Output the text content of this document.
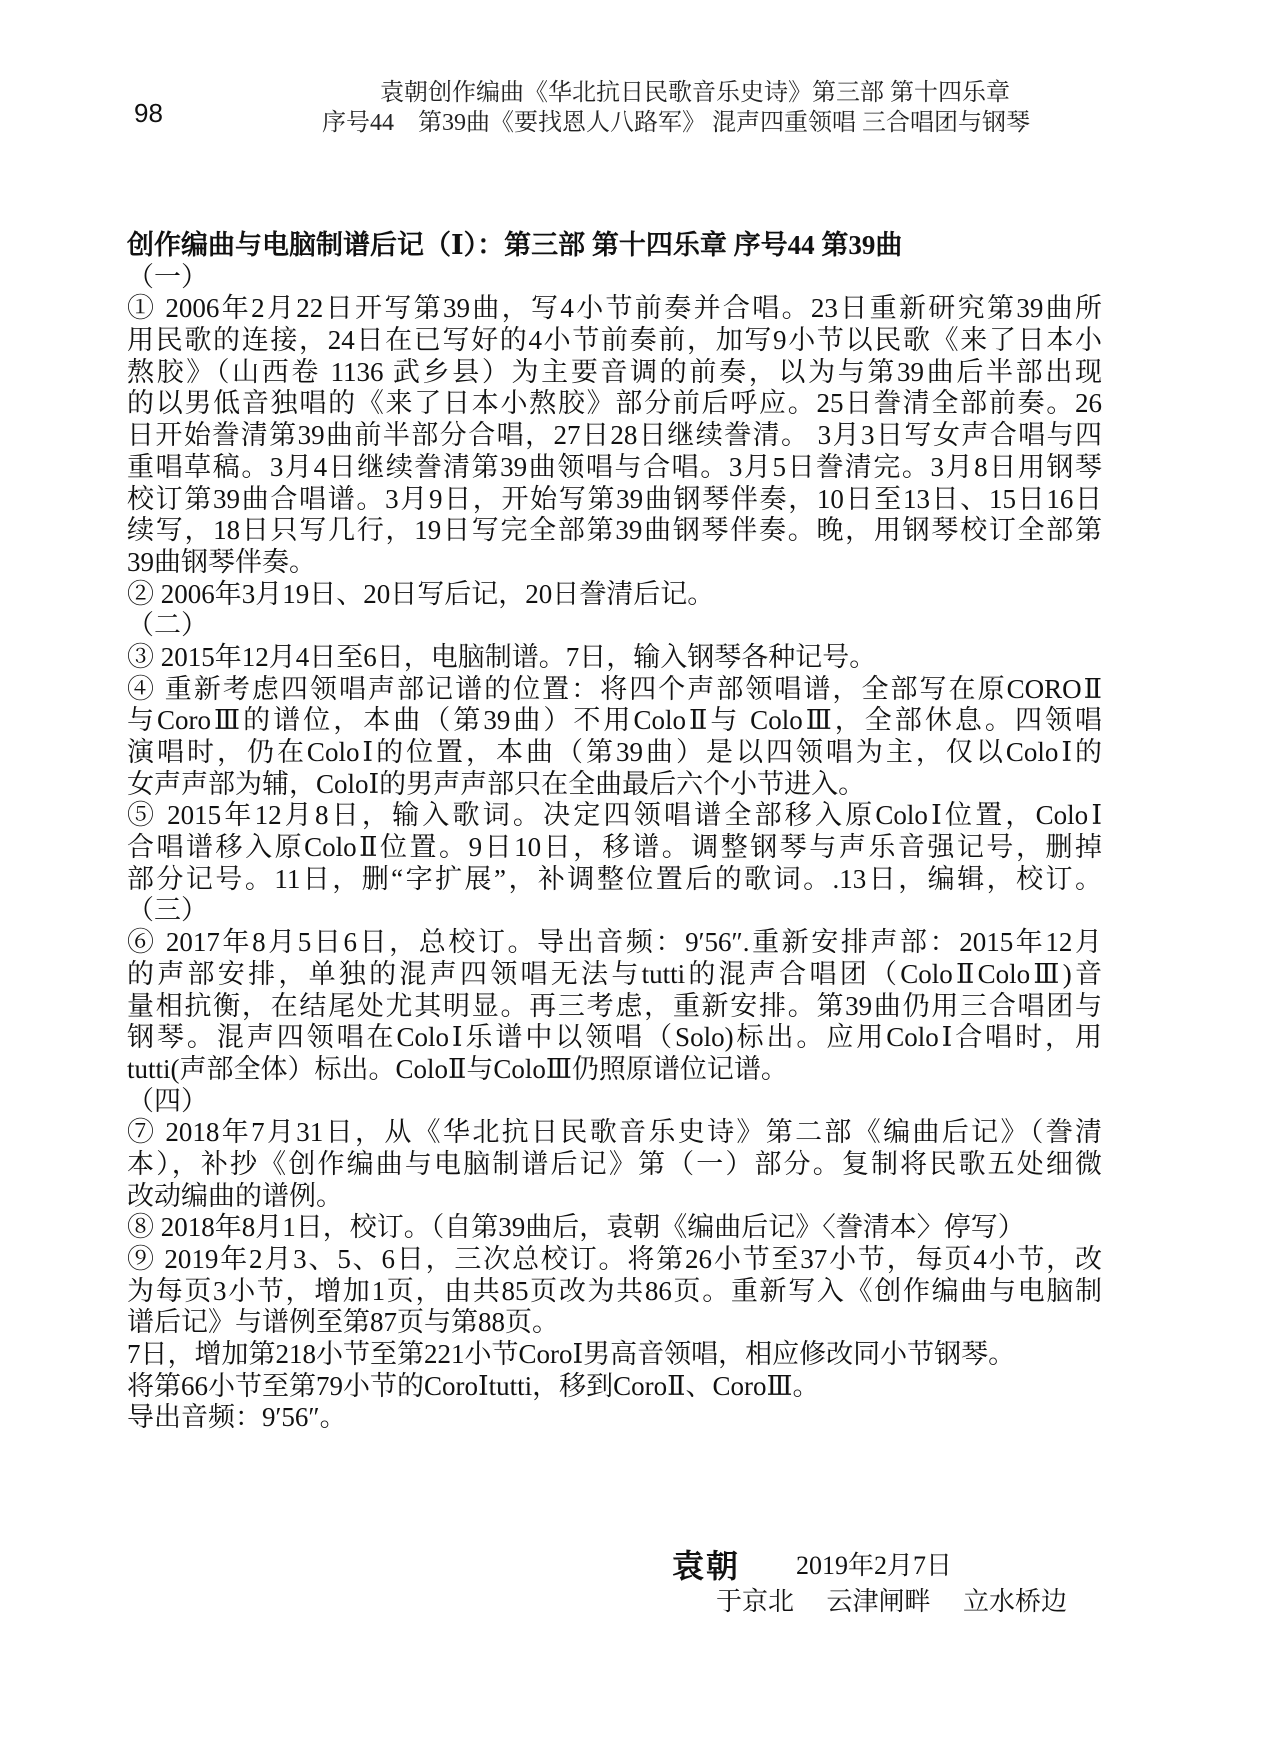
98
袁朝创作编曲《华北抗日民歌音乐史诗》第三部 第十四乐章
序号44　第39曲《要找恩人八路军》 混声四重领唱 三合唱团与钢琴
创作编曲与电脑制谱后记（Ⅰ）：第三部 第十四乐章 序号44 第39曲
（一）
① 2006年2月22日开写第39曲，写4小节前奏并合唱。23日重新研究第39曲所
用民歌的连接，24日在已写好的4小节前奏前，加写9小节以民歌《来了日本小
熬胶》（山西卷 1136 武乡县）为主要音调的前奏，以为与第39曲后半部出现
的以男低音独唱的《来了日本小熬胶》部分前后呼应。25日誊清全部前奏。26
日开始誊清第39曲前半部分合唱，27日28日继续誊清。 3月3日写女声合唱与四
重唱草稿。3月4日继续誊清第39曲领唱与合唱。3月5日誊清完。3月8日用钢琴
校订第39曲合唱谱。3月9日，开始写第39曲钢琴伴奏，10日至13日、15日16日
续写，18日只写几行，19日写完全部第39曲钢琴伴奏。晚，用钢琴校订全部第
39曲钢琴伴奏。
② 2006年3月19日、20日写后记，20日誊清后记。
（二）
③ 2015年12月4日至6日，电脑制谱。7日，输入钢琴各种记号。
④ 重新考虑四领唱声部记谱的位置：将四个声部领唱谱，全部写在原COROⅡ
与CoroⅢ的谱位，本曲（第39曲）不用ColoⅡ与 ColoⅢ，全部休息。四领唱
演唱时，仍在ColoⅠ的位置，本曲（第39曲）是以四领唱为主，仅以ColoⅠ的
女声声部为辅，ColoⅠ的男声声部只在全曲最后六个小节进入。
⑤ 2015年12月8日，输入歌词。决定四领唱谱全部移入原ColoⅠ位置，ColoⅠ
合唱谱移入原ColoⅡ位置。9日10日，移谱。调整钢琴与声乐音强记号，删掉
部分记号。11日，删“字扩展”，补调整位置后的歌词。.13日，编辑，校订。
（三）
⑥ 2017年8月5日6日，总校订。导出音频：9′56″.重新安排声部：2015年12月
的声部安排，单独的混声四领唱无法与tutti的混声合唱团（ColoⅡColoⅢ)音
量相抗衡，在结尾处尤其明显。再三考虑，重新安排。第39曲仍用三合唱团与
钢琴。混声四领唱在ColoⅠ乐谱中以领唱（Solo)标出。应用ColoⅠ合唱时，用
tutti(声部全体）标出。ColoⅡ与ColoⅢ仍照原谱位记谱。
（四）
⑦ 2018年7月31日，从《华北抗日民歌音乐史诗》第二部《编曲后记》（誊清
本），补抄《创作编曲与电脑制谱后记》第（一）部分。复制将民歌五处细微
改动编曲的谱例。
⑧ 2018年8月1日，校订。（自第39曲后，袁朝《编曲后记》〈誊清本〉停写）
⑨ 2019年2月3、5、6日，三次总校订。将第26小节至37小节，每页4小节，改
为每页3小节，增加1页，由共85页改为共86页。重新写入《创作编曲与电脑制
谱后记》与谱例至第87页与第88页。
7日，增加第218小节至第221小节CoroⅠ男高音领唱，相应修改同小节钢琴。
将第66小节至第79小节的CoroⅠtutti，移到CoroⅡ、CoroⅢ。
导出音频：9′56″。
袁朝 2019年2月7日
于京北 云津闸畔 立水桥边
